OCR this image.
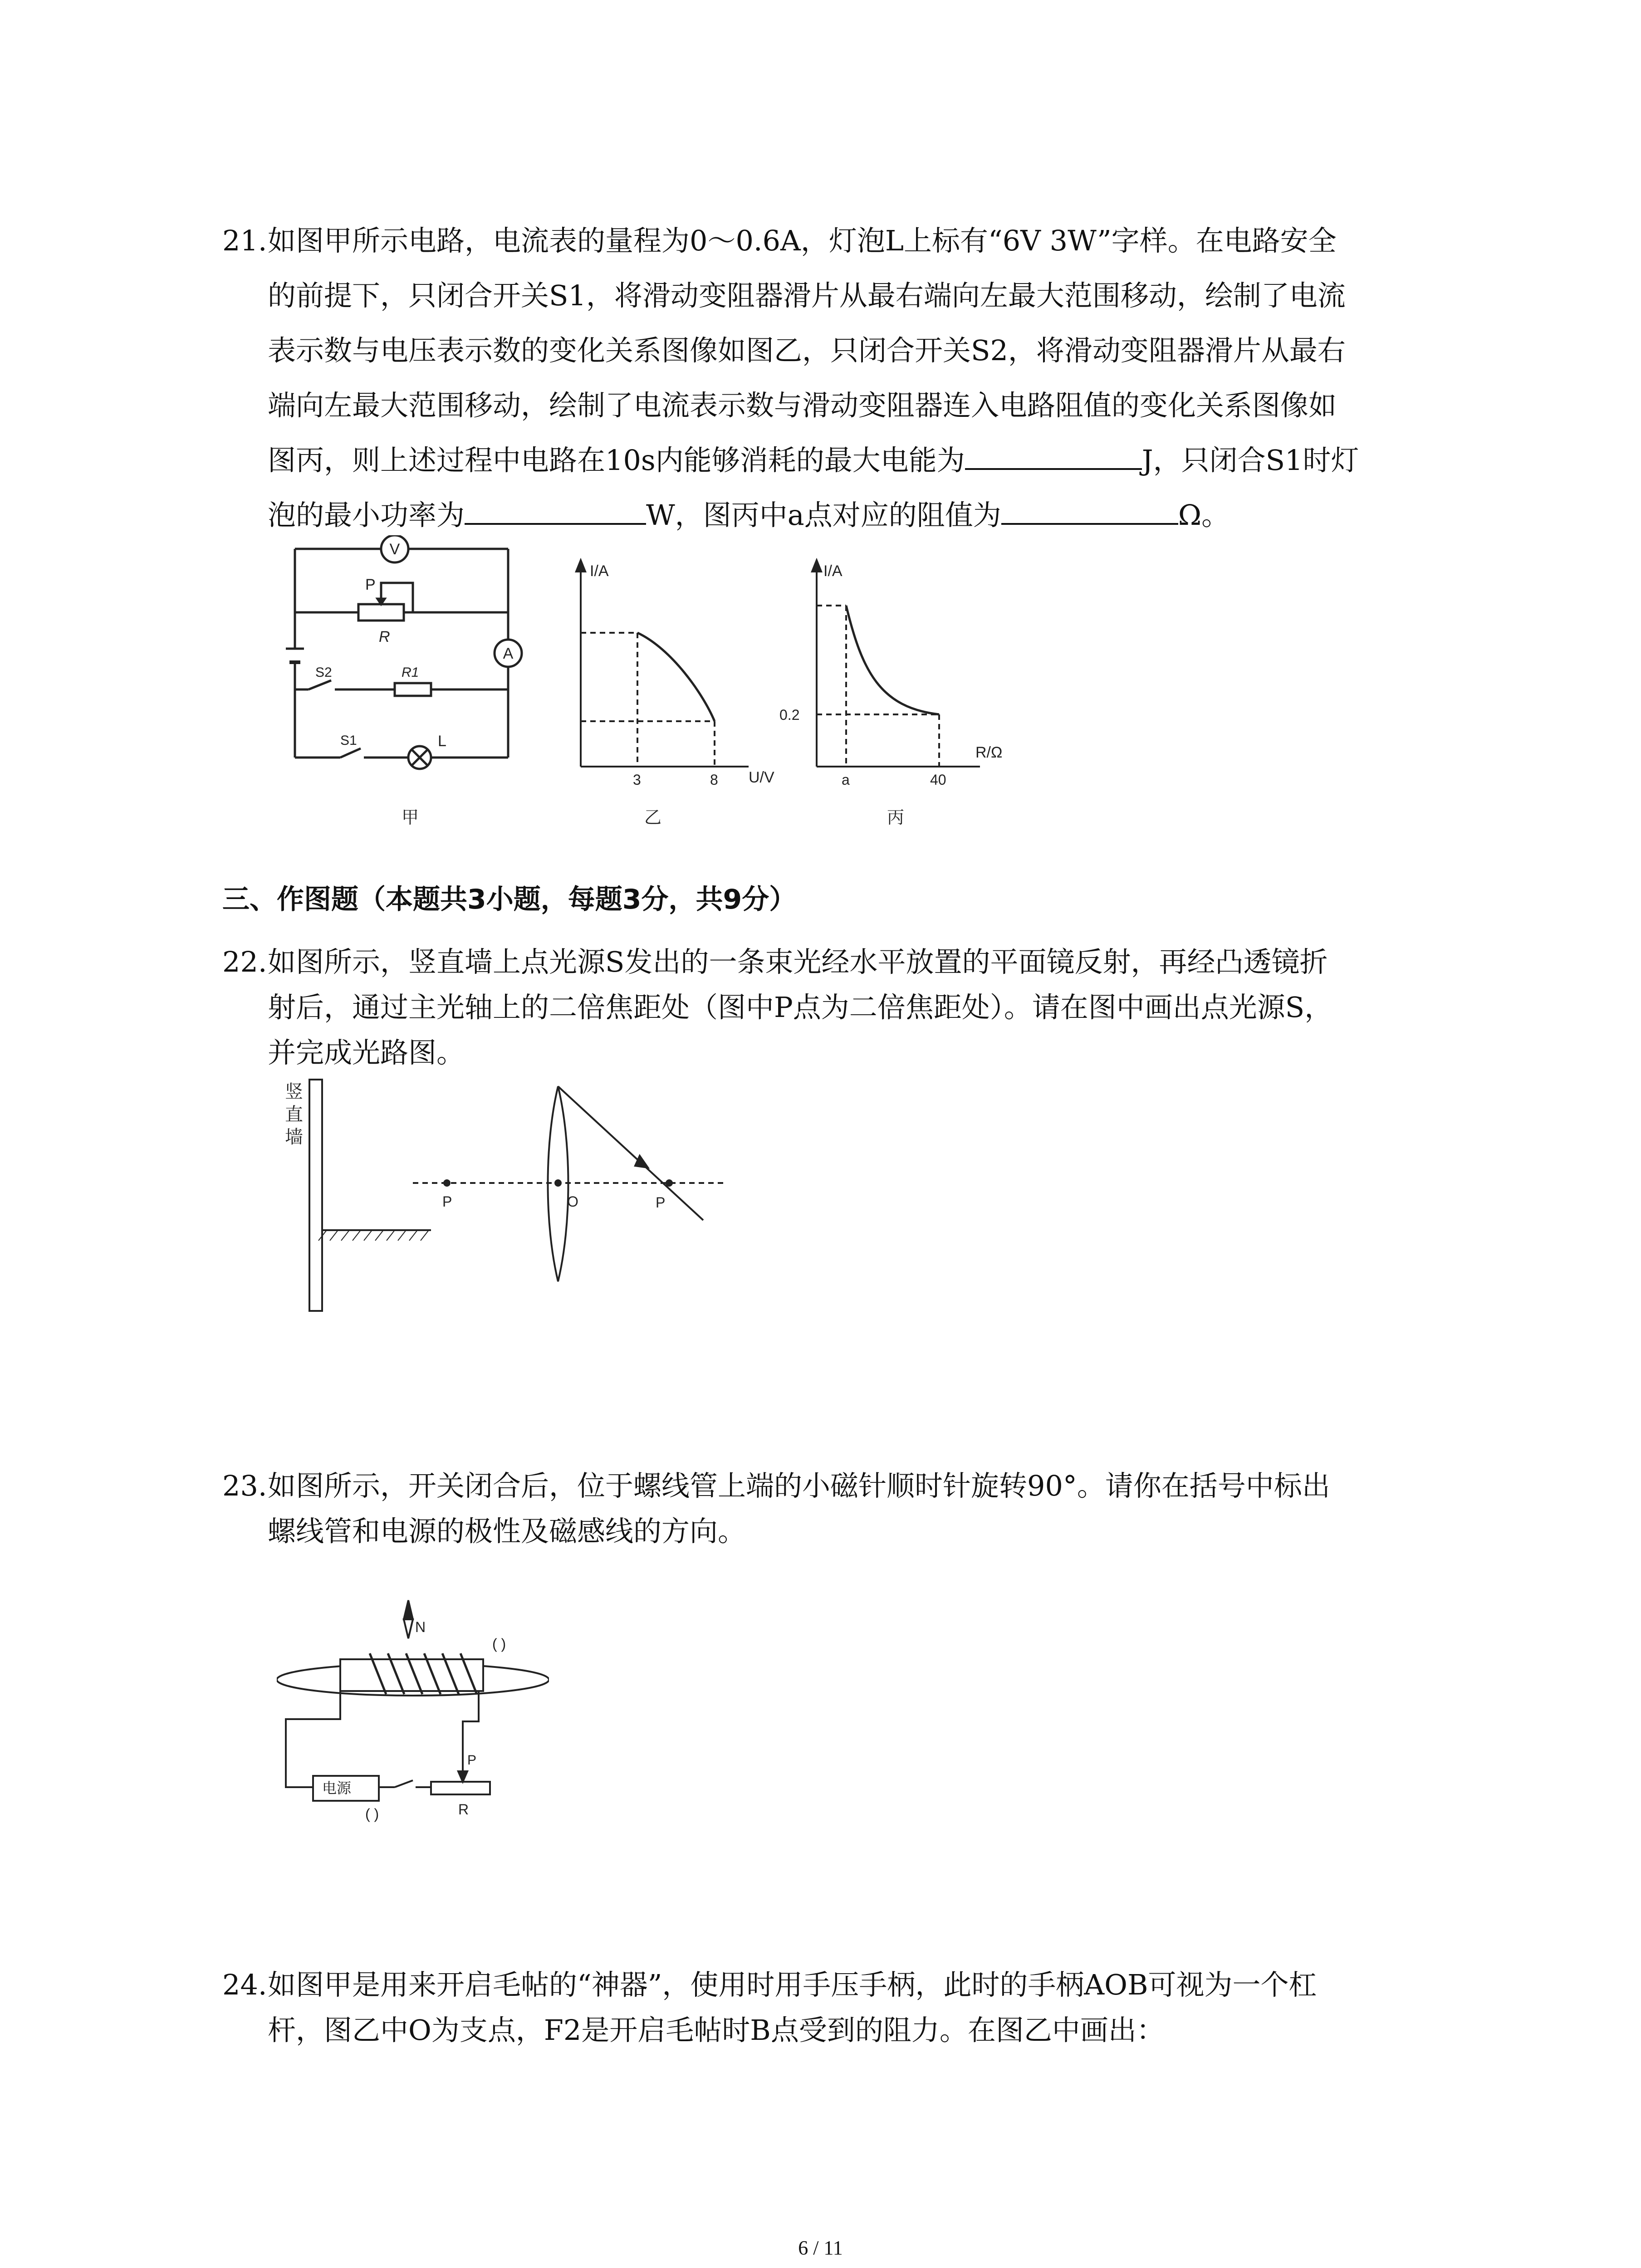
21. 如图甲所示电路，电流表的量程为0～0.6A，灯泡L上标有“6V 3W”字样。在电路安全
的前提下，只闭合开关S1，将滑动变阻器滑片从最右端向左最大范围移动，绘制了电流
表示数与电压表示数的变化关系图像如图乙，只闭合开关S2，将滑动变阻器滑片从最右
端向左最大范围移动，绘制了电流表示数与滑动变阻器连入电路阻值的变化关系图像如
图丙，则上述过程中电路在10s内能够消耗的最大电能为	J，只闭合S1时灯
泡的最小功率为	W，图丙中a点对应的阻值为	Ω。
V
A
P
R
S2	R1
S1	L
甲
I/A
U/V
3	8
乙
I/A
R/Ω
0.2
a	40
丙
三、作图题（本题共3小题，每题3分，共9分）
22. 如图所示，竖直墙上点光源S发出的一条束光经水平放置的平面镜反射，再经凸透镜折
射后，通过主光轴上的二倍焦距处（图中P点为二倍焦距处）。请在图中画出点光源S，
并完成光路图。
竖
直
墙
P	O	P
23. 如图所示，开关闭合后，位于螺线管上端的小磁针顺时针旋转90°。请你在括号中标出
螺线管和电源的极性及磁感线的方向。
N
( )
电源
P
R
( )
24. 如图甲是用来开启毛帖的“神器”，使用时用手压手柄，此时的手柄AOB可视为一个杠
杆，图乙中O为支点，F2是开启毛帖时B点受到的阻力。在图乙中画出：
6 / 11
